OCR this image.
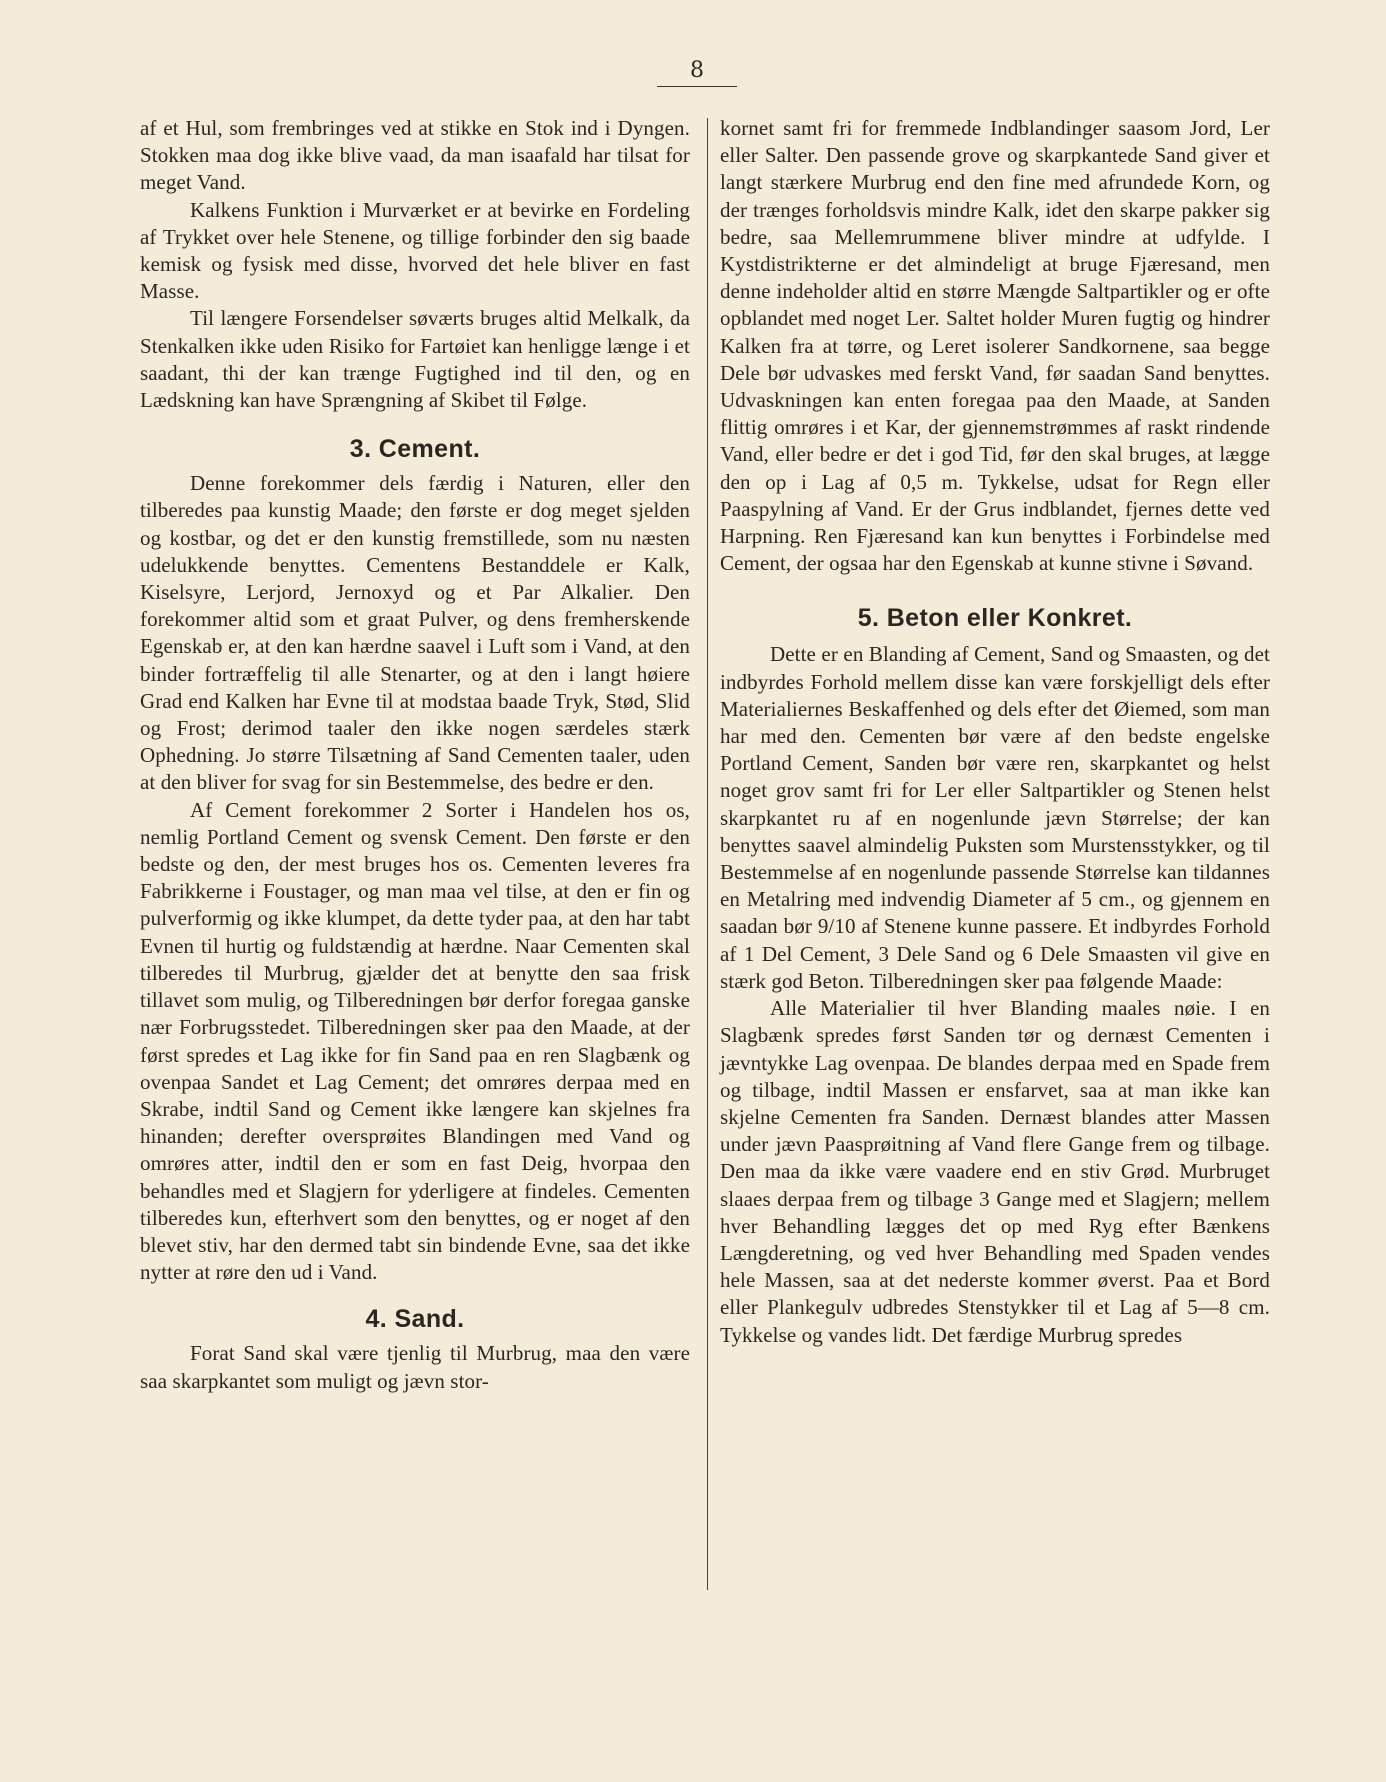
8

af et Hul, som frembringes ved at stikke en Stok ind i Dyngen. Stokken maa dog ikke blive vaad, da man isaafald har tilsat for meget Vand.

Kalkens Funktion i Murværket er at bevirke en Fordeling af Trykket over hele Stenene, og tillige forbinder den sig baade kemisk og fysisk med disse, hvorved det hele bliver en fast Masse.

Til længere Forsendelser søværts bruges altid Melkalk, da Stenkalken ikke uden Risiko for Fartøiet kan henligge længe i et saadant, thi der kan trænge Fugtighed ind til den, og en Lædskning kan have Sprængning af Skibet til Følge.

3. Cement.

Denne forekommer dels færdig i Naturen, eller den tilberedes paa kunstig Maade; den første er dog meget sjelden og kostbar, og det er den kunstig fremstillede, som nu næsten udelukkende benyttes. Cementens Bestanddele er Kalk, Kiselsyre, Lerjord, Jernoxyd og et Par Alkalier. Den forekommer altid som et graat Pulver, og dens fremherskende Egenskab er, at den kan hærdne saavel i Luft som i Vand, at den binder fortræffelig til alle Stenarter, og at den i langt høiere Grad end Kalken har Evne til at modstaa baade Tryk, Stød, Slid og Frost; derimod taaler den ikke nogen særdeles stærk Ophedning. Jo større Tilsætning af Sand Cementen taaler, uden at den bliver for svag for sin Bestemmelse, des bedre er den.

Af Cement forekommer 2 Sorter i Handelen hos os, nemlig Portland Cement og svensk Cement. Den første er den bedste og den, der mest bruges hos os. Cementen leveres fra Fabrikkerne i Foustager, og man maa vel tilse, at den er fin og pulverformig og ikke klumpet, da dette tyder paa, at den har tabt Evnen til hurtig og fuldstændig at hærdne. Naar Cementen skal tilberedes til Murbrug, gjælder det at benytte den saa frisk tillavet som mulig, og Tilberedningen bør derfor foregaa ganske nær Forbrugsstedet. Tilberedningen sker paa den Maade, at der først spredes et Lag ikke for fin Sand paa en ren Slagbænk og ovenpaa Sandet et Lag Cement; det omrøres derpaa med en Skrabe, indtil Sand og Cement ikke længere kan skjelnes fra hinanden; derefter oversprøites Blandingen med Vand og omrøres atter, indtil den er som en fast Deig, hvorpaa den behandles med et Slagjern for yderligere at findeles. Cementen tilberedes kun, efterhvert som den benyttes, og er noget af den blevet stiv, har den dermed tabt sin bindende Evne, saa det ikke nytter at røre den ud i Vand.

4. Sand.

Forat Sand skal være tjenlig til Murbrug, maa den være saa skarpkantet som muligt og jævn stor-

kornet samt fri for fremmede Indblandinger saasom Jord, Ler eller Salter. Den passende grove og skarpkantede Sand giver et langt stærkere Murbrug end den fine med afrundede Korn, og der trænges forholdsvis mindre Kalk, idet den skarpe pakker sig bedre, saa Mellemrummene bliver mindre at udfylde. I Kystdistrikterne er det almindeligt at bruge Fjæresand, men denne indeholder altid en større Mængde Saltpartikler og er ofte opblandet med noget Ler. Saltet holder Muren fugtig og hindrer Kalken fra at tørre, og Leret isolerer Sandkornene, saa begge Dele bør udvaskes med ferskt Vand, før saadan Sand benyttes. Udvaskningen kan enten foregaa paa den Maade, at Sanden flittig omrøres i et Kar, der gjennemstrømmes af raskt rindende Vand, eller bedre er det i god Tid, før den skal bruges, at lægge den op i Lag af 0,5 m. Tykkelse, udsat for Regn eller Paaspylning af Vand. Er der Grus indblandet, fjernes dette ved Harpning. Ren Fjæresand kan kun benyttes i Forbindelse med Cement, der ogsaa har den Egenskab at kunne stivne i Søvand.

5. Beton eller Konkret.

Dette er en Blanding af Cement, Sand og Smaasten, og det indbyrdes Forhold mellem disse kan være forskjelligt dels efter Materialiernes Beskaffenhed og dels efter det Øiemed, som man har med den. Cementen bør være af den bedste engelske Portland Cement, Sanden bør være ren, skarpkantet og helst noget grov samt fri for Ler eller Saltpartikler og Stenen helst skarpkantet ru af en nogenlunde jævn Størrelse; der kan benyttes saavel almindelig Puksten som Murstensstykker, og til Bestemmelse af en nogenlunde passende Størrelse kan tildannes en Metalring med indvendig Diameter af 5 cm., og gjennem en saadan bør 9/10 af Stenene kunne passere. Et indbyrdes Forhold af 1 Del Cement, 3 Dele Sand og 6 Dele Smaasten vil give en stærk god Beton. Tilberedningen sker paa følgende Maade:

Alle Materialier til hver Blanding maales nøie. I en Slagbænk spredes først Sanden tør og dernæst Cementen i jævntykke Lag ovenpaa. De blandes derpaa med en Spade frem og tilbage, indtil Massen er ensfarvet, saa at man ikke kan skjelne Cementen fra Sanden. Dernæst blandes atter Massen under jævn Paasprøitning af Vand flere Gange frem og tilbage. Den maa da ikke være vaadere end en stiv Grød. Murbruget slaaes derpaa frem og tilbage 3 Gange med et Slagjern; mellem hver Behandling lægges det op med Ryg efter Bænkens Længderetning, og ved hver Behandling med Spaden vendes hele Massen, saa at det nederste kommer øverst. Paa et Bord eller Plankegulv udbredes Stenstykker til et Lag af 5—8 cm. Tykkelse og vandes lidt. Det færdige Murbrug spredes
